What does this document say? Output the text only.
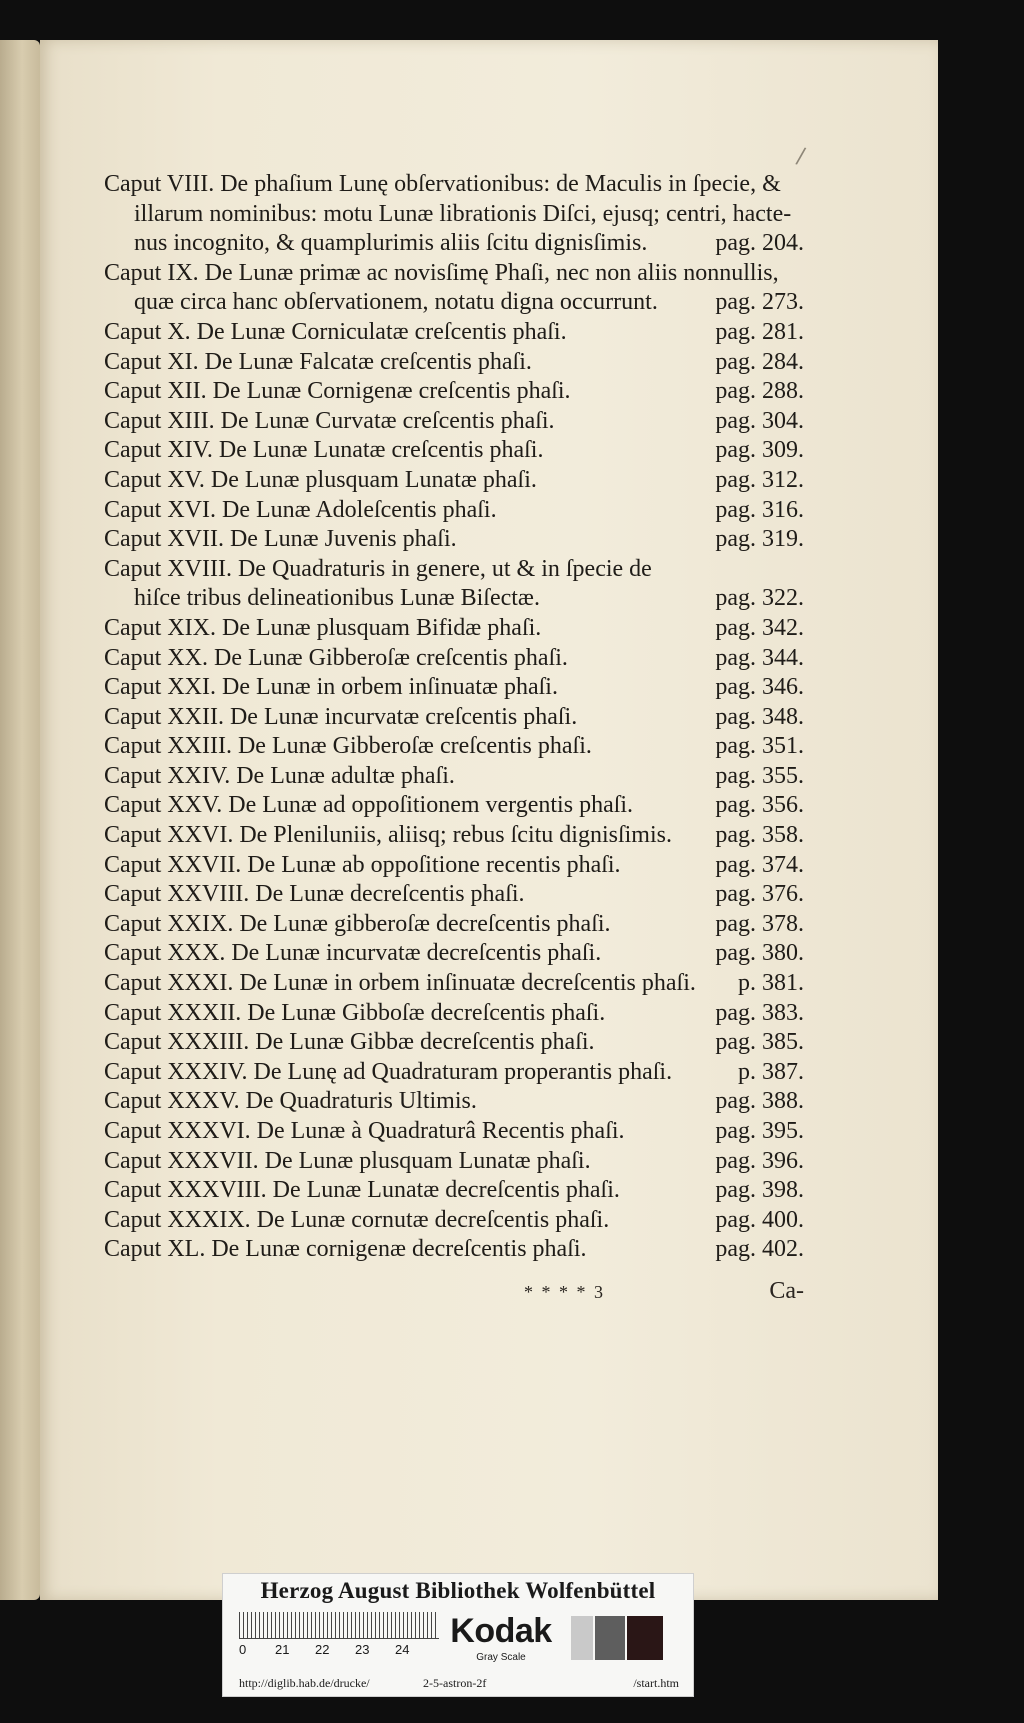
/
Caput VIII. De phaſium Lunę obſervationibus: de Maculis in ſpecie, &
illarum nominibus: motu Lunæ librationis Diſci, ejusq; centri, hacte-
nus incognito, & quamplurimis aliis ſcitu dignisſimis.	pag. 204.
Caput IX. De Lunæ primæ ac novisſimę Phaſi, nec non aliis nonnullis,
quæ circa hanc obſervationem, notatu digna occurrunt.	pag. 273.
Caput X. De Lunæ Corniculatæ creſcentis phaſi.	pag. 281.
Caput XI. De Lunæ Falcatæ creſcentis phaſi.	pag. 284.
Caput XII. De Lunæ Cornigenæ creſcentis phaſi.	pag. 288.
Caput XIII. De Lunæ Curvatæ creſcentis phaſi.	pag. 304.
Caput XIV. De Lunæ Lunatæ creſcentis phaſi.	pag. 309.
Caput XV. De Lunæ plusquam Lunatæ phaſi.	pag. 312.
Caput XVI. De Lunæ Adoleſcentis phaſi.	pag. 316.
Caput XVII. De Lunæ Juvenis phaſi.	pag. 319.
Caput XVIII. De Quadraturis in genere, ut & in ſpecie de
hiſce tribus delineationibus Lunæ Biſectæ.	pag. 322.
Caput XIX. De Lunæ plusquam Bifidæ phaſi.	pag. 342.
Caput XX. De Lunæ Gibberoſæ creſcentis phaſi.	pag. 344.
Caput XXI. De Lunæ in orbem inſinuatæ phaſi.	pag. 346.
Caput XXII. De Lunæ incurvatæ creſcentis phaſi.	pag. 348.
Caput XXIII. De Lunæ Gibberoſæ creſcentis phaſi.	pag. 351.
Caput XXIV. De Lunæ adultæ phaſi.	pag. 355.
Caput XXV. De Lunæ ad oppoſitionem vergentis phaſi.	pag. 356.
Caput XXVI. De Pleniluniis, aliisq; rebus ſcitu dignisſimis.	pag. 358.
Caput XXVII. De Lunæ ab oppoſitione recentis phaſi.	pag. 374.
Caput XXVIII. De Lunæ decreſcentis phaſi.	pag. 376.
Caput XXIX. De Lunæ gibberoſæ decreſcentis phaſi.	pag. 378.
Caput XXX. De Lunæ incurvatæ decreſcentis phaſi.	pag. 380.
Caput XXXI. De Lunæ in orbem inſinuatæ decreſcentis phaſi.	p. 381.
Caput XXXII. De Lunæ Gibboſæ decreſcentis phaſi.	pag. 383.
Caput XXXIII. De Lunæ Gibbæ decreſcentis phaſi.	pag. 385.
Caput XXXIV. De Lunę ad Quadraturam properantis phaſi.	p. 387.
Caput XXXV. De Quadraturis Ultimis.	pag. 388.
Caput XXXVI. De Lunæ à Quadraturâ Recentis phaſi.	pag. 395.
Caput XXXVII. De Lunæ plusquam Lunatæ phaſi.	pag. 396.
Caput XXXVIII. De Lunæ Lunatæ decreſcentis phaſi.	pag. 398.
Caput XXXIX. De Lunæ cornutæ decreſcentis phaſi.	pag. 400.
Caput XL. De Lunæ cornigenæ decreſcentis phaſi.	pag. 402.
* * * * 3	Ca-
Herzog August Bibliothek Wolfenbüttel
0 21 22 23 24 Kodak
Gray Scale
http://diglib.hab.de/drucke/	2-5-astron-2f	/start.htm
